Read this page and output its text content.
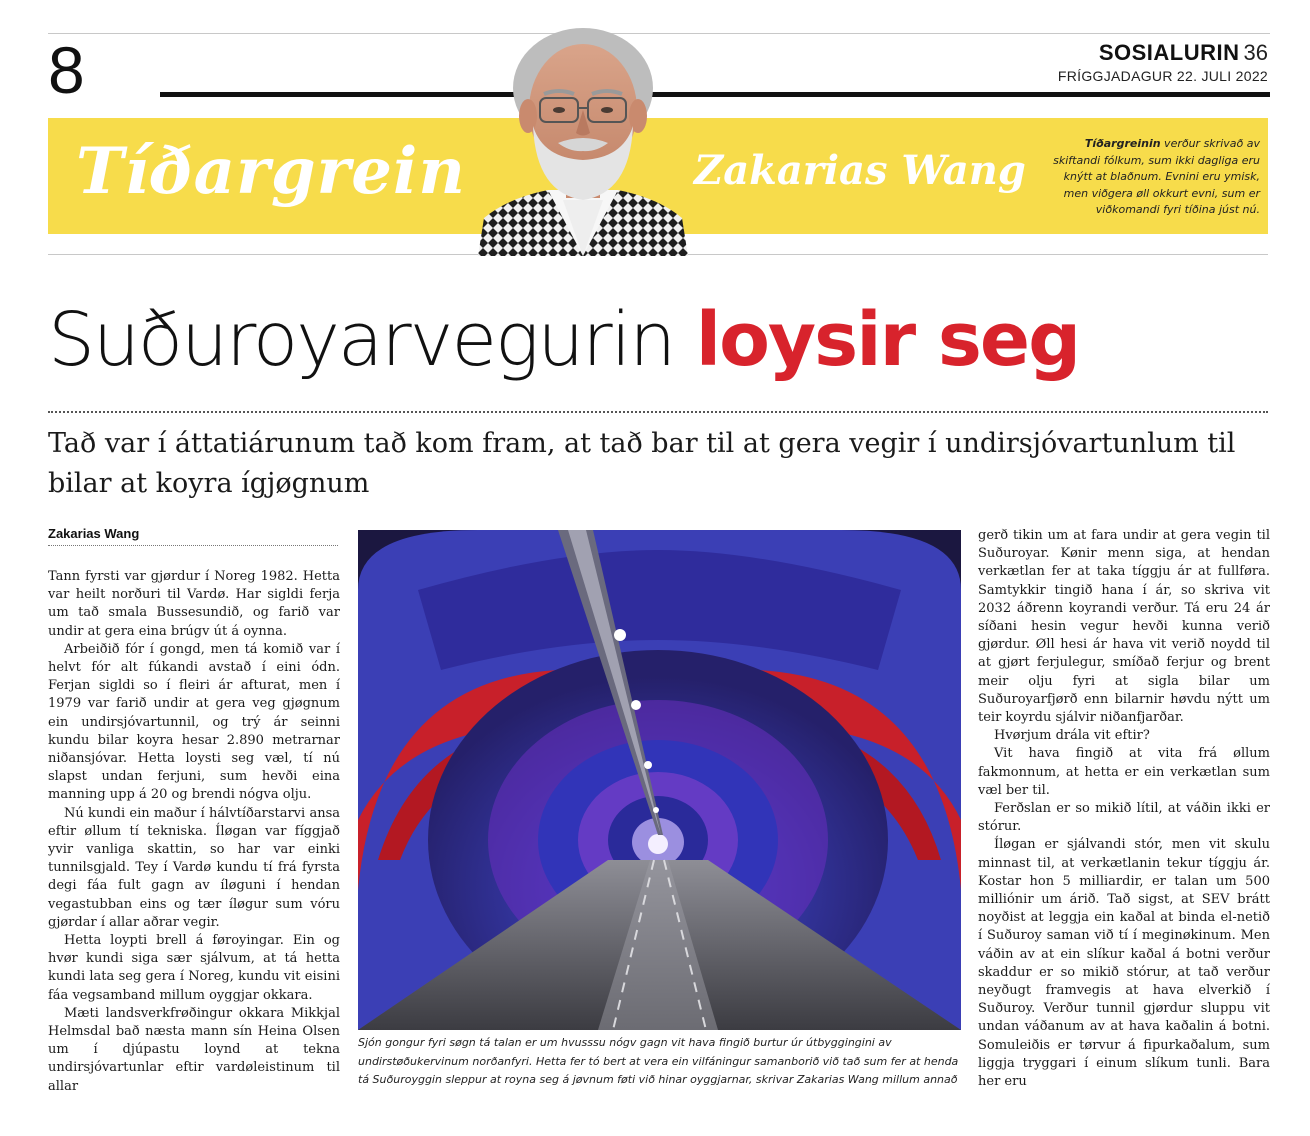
8	SOSIALURIN 36
FRÍGGJADAGUR 22. JULI 2022
Tíðargrein	Zakarias Wang
Tíðargreinin verður skrivað av skiftandi fólkum, sum ikki dagliga eru knýtt at blaðnum. Evnini eru ymisk, men viðgera øll okkurt evni, sum er viðkomandi fyri tíðina júst nú.
Suðuroyarvegurin loysir seg
Tað var í áttatiárunum tað kom fram, at tað bar til at gera vegir í undirsjóvartunlum til bilar at koyra ígjøgnum
Zakarias Wang

Tann fyrsti var gjørdur í Noreg 1982. Hetta var heilt norðuri til Vardø. Har sigldi ferja um tað smala Bussesundið, og farið var undir at gera eina brúgv út á oynna.

Arbeiðið fór í gongd, men tá komið var í helvt fór alt fúkandi avstað í eini ódn. Ferjan sigldi so í fleiri ár afturat, men í 1979 var farið undir at gera veg gjøgnum ein undirsjóvartunnil, og trý ár seinni kundu bilar koyra hesar 2.890 metrarnar niðansjóvar. Hetta loysti seg væl, tí nú slapst undan ferjuni, sum hevði eina manning upp á 20 og brendi nógva olju.

Nú kundi ein maður í hálvtíðarstarvi ansa eftir øllum tí tekniska. Íløgan var fíggjað yvir vanliga skattin, so har var einki tunnilsgjald. Tey í Vardø kundu tí frá fyrsta degi fáa fult gagn av íløguni í hendan vegastubban eins og tær íløgur sum vóru gjørdar í allar aðrar vegir.

Hetta loypti brell á føroyingar. Ein og hvør kundi siga sær sjálvum, at tá hetta kundi lata seg gera í Noreg, kundu vit eisini fáa vegsamband millum oyggjar okkara.

Mæti landsverkfrøðingur okkara Mikkjal Helmsdal bað næsta mann sín Heina Olsen um í djúpastu loynd at tekna undirsjóvartunlar eftir vardøleistinum til allar

Sjón gongur fyri søgn tá talan er um hvusssu nógv gagn vit hava fingið burtur úr útbyggingini av undirstøðukervinum norðanfyri. Hetta fer tó bert at vera ein vilfáningur samanborið við tað sum fer at henda tá Suðuroyggin sleppur at royna seg á jøvnum føti við hinar oyggjarnar, skrivar Zakarias Wang millum annað

gerð tikin um at fara undir at gera vegin til Suðuroyar. Kønir menn siga, at hendan verkætlan fer at taka tíggju ár at fullføra. Samtykkir tingið hana í ár, so skriva vit 2032 áðrenn koyrandi verður. Tá eru 24 ár síðani hesin vegur hevði kunna verið gjørdur. Øll hesi ár hava vit verið noydd til at gjørt ferjulegur, smíðað ferjur og brent meir olju fyri at sigla bilar um Suðuroyarfjørð enn bilarnir høvdu nýtt um teir koyrdu sjálvir niðanfjarðar.

Hvørjum drála vit eftir?

Vit hava fingið at vita frá øllum fakmonnum, at hetta er ein verkætlan sum væl ber til.

Ferðslan er so mikið lítil, at váðin ikki er stórur.

Íløgan er sjálvandi stór, men vit skulu minnast til, at verkætlanin tekur tíggju ár. Kostar hon 5 milliardir, er talan um 500 milliónir um árið. Tað sigst, at SEV brátt noyðist at leggja ein kaðal at binda el-netið í Suðuroy saman við tí í meginøkinum. Men váðin av at ein slíkur kaðal á botni verður skaddur er so mikið stórur, at tað verður neyðugt framvegis at hava elverkið í Suðuroy. Verður tunnil gjørdur sluppu vit undan váðanum av at hava kaðalin á botni. Somuleiðis er tørvur á fipurkaðalum, sum liggja tryggari í einum slíkum tunli. Bara her eru
